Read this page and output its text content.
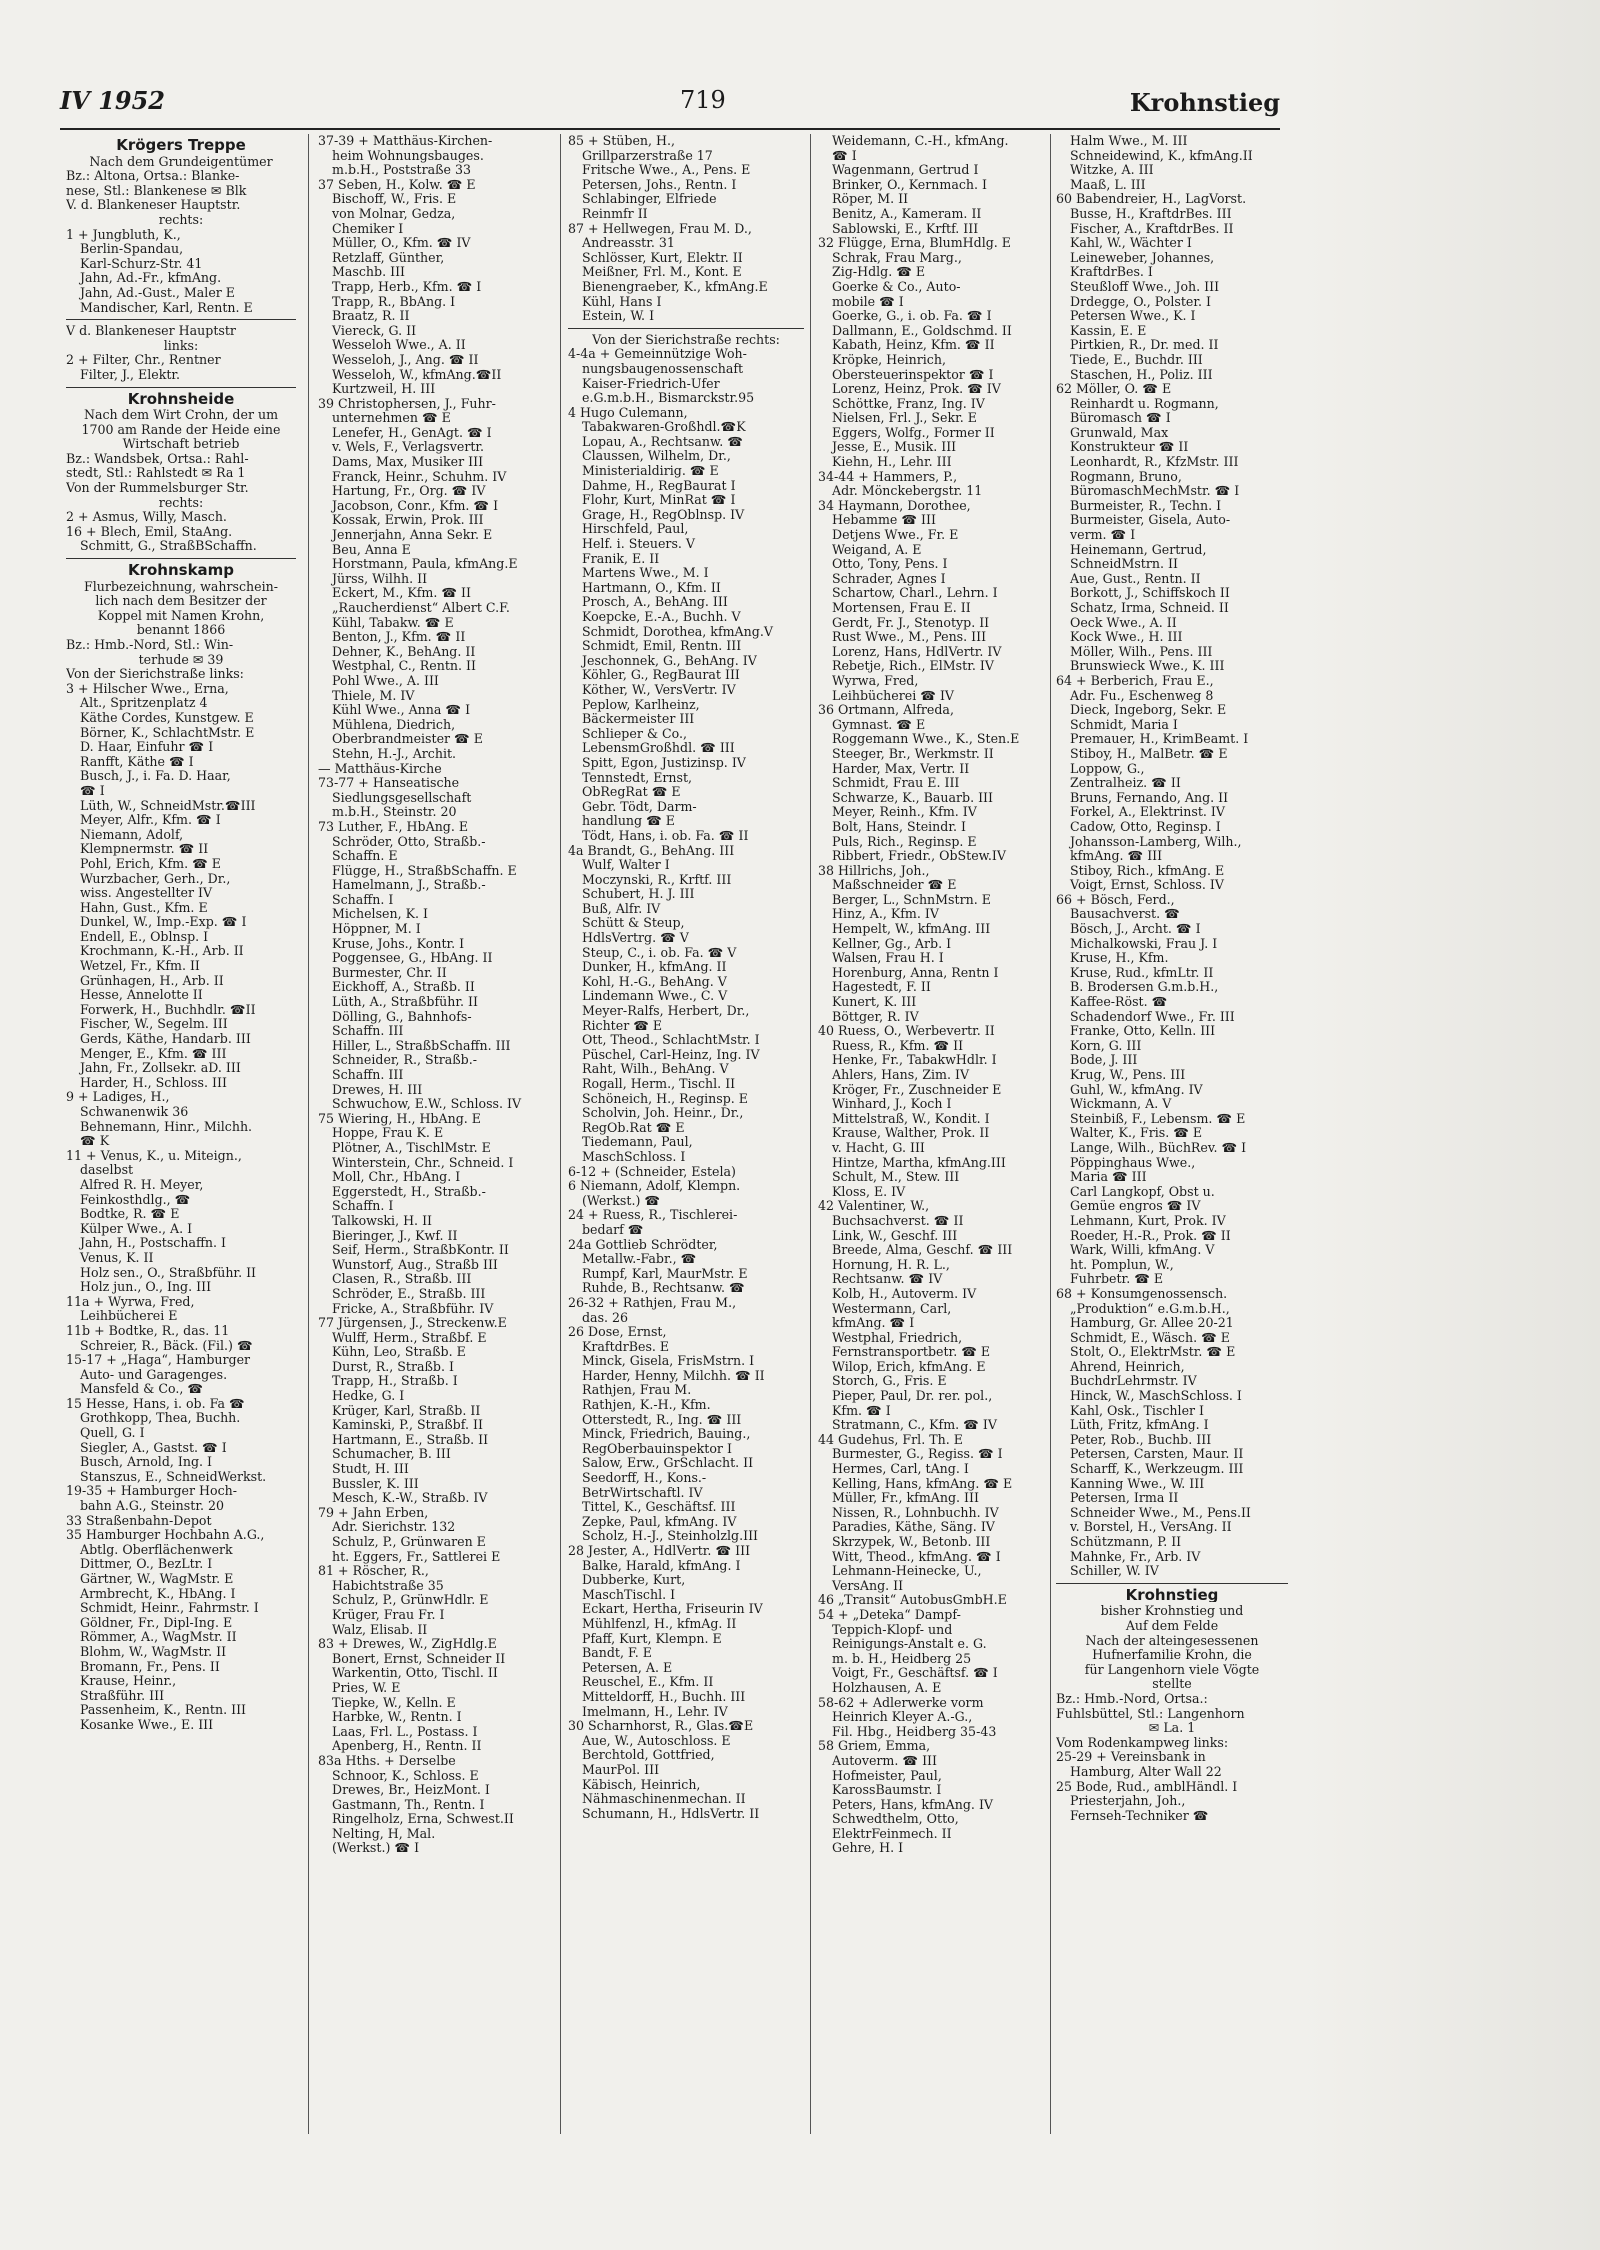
IV 1952	719	Krohnstieg
Krögers Treppe
Nach dem Grundeigentümer
Bz.: Altona, Ortsa.: Blanke-
nese, Stl.: Blankenese ✉ Blk
V. d. Blankeneser Hauptstr.
rechts:
1 + Jungbluth, K.,
Berlin-Spandau,
Karl-Schurz-Str. 41
Jahn, Ad.-Fr., kfmAng.
Jahn, Ad.-Gust., Maler E
Mandischer, Karl, Rentn. E
V d. Blankeneser Hauptstr
links:
2 + Filter, Chr., Rentner
Filter, J., Elektr.
Krohnsheide
Nach dem Wirt Crohn, der um
1700 am Rande der Heide eine
Wirtschaft betrieb
Bz.: Wandsbek, Ortsa.: Rahl-
stedt, Stl.: Rahlstedt ✉ Ra 1
Von der Rummelsburger Str.
rechts:
2 + Asmus, Willy, Masch.
16 + Blech, Emil, StaAng.
Schmitt, G., StraßBSchaffn.
Krohnskamp
Flurbezeichnung, wahrschein-
lich nach dem Besitzer der
Koppel mit Namen Krohn,
benannt 1866
Bz.: Hmb.-Nord, Stl.: Win-
terhude ✉ 39
Von der Sierichstraße links:
3 + Hilscher Wwe., Erna,
Alt., Spritzenplatz 4
Käthe Cordes, Kunstgew. E
Börner, K., SchlachtMstr. E
D. Haar, Einfuhr ☎ I
Ranfft, Käthe ☎ I
Busch, J., i. Fa. D. Haar,
☎ I
Lüth, W., SchneidMstr.☎III
Meyer, Alfr., Kfm. ☎ I
Niemann, Adolf,
Klempnermstr. ☎ II
Pohl, Erich, Kfm. ☎ E
Wurzbacher, Gerh., Dr.,
wiss. Angestellter IV
Hahn, Gust., Kfm. E
Dunkel, W., Imp.-Exp. ☎ I
Endell, E., Oblnsp. I
Krochmann, K.-H., Arb. II
Wetzel, Fr., Kfm. II
Grünhagen, H., Arb. II
Hesse, Annelotte II
Forwerk, H., Buchhdlr. ☎II
Fischer, W., Segelm. III
Gerds, Käthe, Handarb. III
Menger, E., Kfm. ☎ III
Jahn, Fr., Zollsekr. aD. III
Harder, H., Schloss. III
9 + Ladiges, H.,
Schwanenwik 36
Behnemann, Hinr., Milchh.
☎ K
11 + Venus, K., u. Miteign.,
daselbst
Alfred R. H. Meyer,
Feinkosthdlg., ☎
Bodtke, R. ☎ E
Külper Wwe., A. I
Jahn, H., Postschaffn. I
Venus, K. II
Holz sen., O., Straßbführ. II
Holz jun., O., Ing. III
11a + Wyrwa, Fred,
Leihbücherei E
11b + Bodtke, R., das. 11
Schreier, R., Bäck. (Fil.) ☎
15-17 + „Haga“, Hamburger
Auto- und Garagenges.
Mansfeld & Co., ☎
15 Hesse, Hans, i. ob. Fa ☎
Grothkopp, Thea, Buchh.
Quell, G. I
Siegler, A., Gastst. ☎ I
Busch, Arnold, Ing. I
Stanszus, E., SchneidWerkst.
19-35 + Hamburger Hoch-
bahn A.G., Steinstr. 20
33 Straßenbahn-Depot
35 Hamburger Hochbahn A.G.,
Abtlg. Oberflächenwerk
Dittmer, O., BezLtr. I
Gärtner, W., WagMstr. E
Armbrecht, K., HbAng. I
Schmidt, Heinr., Fahrmstr. I
Göldner, Fr., Dipl-Ing. E
Römmer, A., WagMstr. II
Blohm, W., WagMstr. II
Bromann, Fr., Pens. II
Krause, Heinr.,
Straßführ. III
Passenheim, K., Rentn. III
Kosanke Wwe., E. III
37-39 + Matthäus-Kirchen-
heim Wohnungsbauges.
m.b.H., Poststraße 33
37 Seben, H., Kolw. ☎ E
Bischoff, W., Fris. E
von Molnar, Gedza,
Chemiker I
Müller, O., Kfm. ☎ IV
Retzlaff, Günther,
Maschb. III
Trapp, Herb., Kfm. ☎ I
Trapp, R., BbAng. I
Braatz, R. II
Viereck, G. II
Wesseloh Wwe., A. II
Wesseloh, J., Ang. ☎ II
Wesseloh, W., kfmAng.☎II
Kurtzweil, H. III
39 Christophersen, J., Fuhr-
unternehmen ☎ E
Lenefer, H., GenAgt. ☎ I
v. Wels, F., Verlagsvertr.
Dams, Max, Musiker III
Franck, Heinr., Schuhm. IV
Hartung, Fr., Org. ☎ IV
Jacobson, Conr., Kfm. ☎ I
Kossak, Erwin, Prok. III
Jennerjahn, Anna Sekr. E
Beu, Anna E
Horstmann, Paula, kfmAng.E
Jürss, Wilhh. II
Eckert, M., Kfm. ☎ II
„Raucherdienst“ Albert C.F.
Kühl, Tabakw. ☎ E
Benton, J., Kfm. ☎ II
Dehner, K., BehAng. II
Westphal, C., Rentn. II
Pohl Wwe., A. III
Thiele, M. IV
Kühl Wwe., Anna ☎ I
Mühlena, Diedrich,
Oberbrandmeister ☎ E
Stehn, H.-J., Archit.
— Matthäus-Kirche
73-77 + Hanseatische
Siedlungsgesellschaft
m.b.H., Steinstr. 20
73 Luther, F., HbAng. E
Schröder, Otto, Straßb.-
Schaffn. E
Flügge, H., StraßbSchaffn. E
Hamelmann, J., Straßb.-
Schaffn. I
Michelsen, K. I
Höppner, M. I
Kruse, Johs., Kontr. I
Poggensee, G., HbAng. II
Burmester, Chr. II
Eickhoff, A., Straßb. II
Lüth, A., Straßbführ. II
Dölling, G., Bahnhofs-
Schaffn. III
Hiller, L., StraßbSchaffn. III
Schneider, R., Straßb.-
Schaffn. III
Drewes, H. III
Schwuchow, E.W., Schloss. IV
75 Wiering, H., HbAng. E
Hoppe, Frau K. E
Plötner, A., TischlMstr. E
Winterstein, Chr., Schneid. I
Moll, Chr., HbAng. I
Eggerstedt, H., Straßb.-
Schaffn. I
Talkowski, H. II
Bieringer, J., Kwf. II
Seif, Herm., StraßbKontr. II
Wunstorf, Aug., Straßb III
Clasen, R., Straßb. III
Schröder, E., Straßb. III
Fricke, A., Straßbführ. IV
77 Jürgensen, J., Streckenw.E
Wulff, Herm., Straßbf. E
Kühn, Leo, Straßb. E
Durst, R., Straßb. I
Trapp, H., Straßb. I
Hedke, G. I
Krüger, Karl, Straßb. II
Kaminski, P., Straßbf. II
Hartmann, E., Straßb. II
Schumacher, B. III
Studt, H. III
Bussler, K. III
Mesch, K.-W., Straßb. IV
79 + Jahn Erben,
Adr. Sierichstr. 132
Schulz, P., Grünwaren E
ht. Eggers, Fr., Sattlerei E
81 + Röscher, R.,
Habichtstraße 35
Schulz, P., GrünwHdlr. E
Krüger, Frau Fr. I
Walz, Elisab. II
83 + Drewes, W., ZigHdlg.E
Bonert, Ernst, Schneider II
Warkentin, Otto, Tischl. II
Pries, W. E
Tiepke, W., Kelln. E
Harbke, W., Rentn. I
Laas, Frl. L., Postass. I
Apenberg, H., Rentn. II
83a Hths. + Derselbe
Schnoor, K., Schloss. E
Drewes, Br., HeizMont. I
Gastmann, Th., Rentn. I
Ringelholz, Erna, Schwest.II
Nelting, H, Mal.
(Werkst.) ☎ I
85 + Stüben, H.,
Grillparzerstraße 17
Fritsche Wwe., A., Pens. E
Petersen, Johs., Rentn. I
Schlabinger, Elfriede
Reinmfr II
87 + Hellwegen, Frau M. D.,
Andreasstr. 31
Schlösser, Kurt, Elektr. II
Meißner, Frl. M., Kont. E
Bienengraeber, K., kfmAng.E
Kühl, Hans I
Estein, W. I
Von der Sierichstraße rechts:
4-4a + Gemeinnützige Woh-
nungsbaugenossenschaft
Kaiser-Friedrich-Ufer
e.G.m.b.H., Bismarckstr.95
4 Hugo Culemann,
Tabakwaren-Großhdl.☎K
Lopau, A., Rechtsanw. ☎
Claussen, Wilhelm, Dr.,
Ministerialdirig. ☎ E
Dahme, H., RegBaurat I
Flohr, Kurt, MinRat ☎ I
Grage, H., RegOblnsp. IV
Hirschfeld, Paul,
Helf. i. Steuers. V
Franik, E. II
Martens Wwe., M. I
Hartmann, O., Kfm. II
Prosch, A., BehAng. III
Koepcke, E.-A., Buchh. V
Schmidt, Dorothea, kfmAng.V
Schmidt, Emil, Rentn. III
Jeschonnek, G., BehAng. IV
Köhler, G., RegBaurat III
Köther, W., VersVertr. IV
Peplow, Karlheinz,
Bäckermeister III
Schlieper & Co.,
LebensmGroßhdl. ☎ III
Spitt, Egon, Justizinsp. IV
Tennstedt, Ernst,
ObRegRat ☎ E
Gebr. Tödt, Darm-
handlung ☎ E
Tödt, Hans, i. ob. Fa. ☎ II
4a Brandt, G., BehAng. III
Wulf, Walter I
Moczynski, R., Krftf. III
Schubert, H. J. III
Buß, Alfr. IV
Schütt & Steup,
HdlsVertrg. ☎ V
Steup, C., i. ob. Fa. ☎ V
Dunker, H., kfmAng. II
Kohl, H.-G., BehAng. V
Lindemann Wwe., C. V
Meyer-Ralfs, Herbert, Dr.,
Richter ☎ E
Ott, Theod., SchlachtMstr. I
Püschel, Carl-Heinz, Ing. IV
Raht, Wilh., BehAng. V
Rogall, Herm., Tischl. II
Schöneich, H., Reginsp. E
Scholvin, Joh. Heinr., Dr.,
RegOb.Rat ☎ E
Tiedemann, Paul,
MaschSchloss. I
6-12 + (Schneider, Estela)
6 Niemann, Adolf, Klempn.
(Werkst.) ☎
24 + Ruess, R., Tischlerei-
bedarf ☎
24a Gottlieb Schrödter,
Metallw.-Fabr., ☎
Rumpf, Karl, MaurMstr. E
Ruhde, B., Rechtsanw. ☎
26-32 + Rathjen, Frau M.,
das. 26
26 Dose, Ernst,
KraftdrBes. E
Minck, Gisela, FrisMstrn. I
Harder, Henny, Milchh. ☎ II
Rathjen, Frau M.
Rathjen, K.-H., Kfm.
Otterstedt, R., Ing. ☎ III
Minck, Friedrich, Bauing.,
RegOberbauinspektor I
Salow, Erw., GrSchlacht. II
Seedorff, H., Kons.-
BetrWirtschaftl. IV
Tittel, K., Geschäftsf. III
Zepke, Paul, kfmAng. IV
Scholz, H.-J., Steinholzlg.III
28 Jester, A., HdlVertr. ☎ III
Balke, Harald, kfmAng. I
Dubberke, Kurt,
MaschTischl. I
Eckart, Hertha, Friseurin IV
Mühlfenzl, H., kfmAg. II
Pfaff, Kurt, Klempn. E
Bandt, F. E
Petersen, A. E
Reuschel, E., Kfm. II
Mitteldorff, H., Buchh. III
Imelmann, H., Lehr. IV
30 Scharnhorst, R., Glas.☎E
Aue, W., Autoschloss. E
Berchtold, Gottfried,
MaurPol. III
Käbisch, Heinrich,
Nähmaschinenmechan. II
Schumann, H., HdlsVertr. II
Weidemann, C.-H., kfmAng.
☎ I
Wagenmann, Gertrud I
Brinker, O., Kernmach. I
Röper, M. II
Benitz, A., Kameram. II
Sablowski, E., Krftf. III
32 Flügge, Erna, BlumHdlg. E
Schrak, Frau Marg.,
Zig-Hdlg. ☎ E
Goerke & Co., Auto-
mobile ☎ I
Goerke, G., i. ob. Fa. ☎ I
Dallmann, E., Goldschmd. II
Kabath, Heinz, Kfm. ☎ II
Kröpke, Heinrich,
Obersteuerinspektor ☎ I
Lorenz, Heinz, Prok. ☎ IV
Schöttke, Franz, Ing. IV
Nielsen, Frl. J., Sekr. E
Eggers, Wolfg., Former II
Jesse, E., Musik. III
Kiehn, H., Lehr. III
34-44 + Hammers, P.,
Adr. Mönckebergstr. 11
34 Haymann, Dorothee,
Hebamme ☎ III
Detjens Wwe., Fr. E
Weigand, A. E
Otto, Tony, Pens. I
Schrader, Agnes I
Schartow, Charl., Lehrn. I
Mortensen, Frau E. II
Gerdt, Fr. J., Stenotyp. II
Rust Wwe., M., Pens. III
Lorenz, Hans, HdlVertr. IV
Rebetje, Rich., ElMstr. IV
Wyrwa, Fred,
Leihbücherei ☎ IV
36 Ortmann, Alfreda,
Gymnast. ☎ E
Roggemann Wwe., K., Sten.E
Steeger, Br., Werkmstr. II
Harder, Max, Vertr. II
Schmidt, Frau E. III
Schwarze, K., Bauarb. III
Meyer, Reinh., Kfm. IV
Bolt, Hans, Steindr. I
Puls, Rich., Reginsp. E
Ribbert, Friedr., ObStew.IV
38 Hillrichs, Joh.,
Maßschneider ☎ E
Berger, L., SchnMstrn. E
Hinz, A., Kfm. IV
Hempelt, W., kfmAng. III
Kellner, Gg., Arb. I
Walsen, Frau H. I
Horenburg, Anna, Rentn I
Hagestedt, F. II
Kunert, K. III
Böttger, R. IV
40 Ruess, O., Werbevertr. II
Ruess, R., Kfm. ☎ II
Henke, Fr., TabakwHdlr. I
Ahlers, Hans, Zim. IV
Kröger, Fr., Zuschneider E
Winhard, J., Koch I
Mittelstraß, W., Kondit. I
Krause, Walther, Prok. II
v. Hacht, G. III
Hintze, Martha, kfmAng.III
Schult, M., Stew. III
Kloss, E. IV
42 Valentiner, W.,
Buchsachverst. ☎ II
Link, W., Geschf. III
Breede, Alma, Geschf. ☎ III
Hornung, H. R. L.,
Rechtsanw. ☎ IV
Kolb, H., Autoverm. IV
Westermann, Carl,
kfmAng. ☎ I
Westphal, Friedrich,
Fernstransportbetr. ☎ E
Wilop, Erich, kfmAng. E
Storch, G., Fris. E
Pieper, Paul, Dr. rer. pol.,
Kfm. ☎ I
Stratmann, C., Kfm. ☎ IV
44 Gudehus, Frl. Th. E
Burmester, G., Regiss. ☎ I
Hermes, Carl, tAng. I
Kelling, Hans, kfmAng. ☎ E
Müller, Fr., kfmAng. III
Nissen, R., Lohnbuchh. IV
Paradies, Käthe, Säng. IV
Skrzypek, W., Betonb. III
Witt, Theod., kfmAng. ☎ I
Lehmann-Heinecke, U.,
VersAng. II
46 „Transit“ AutobusGmbH.E
54 + „Deteka“ Dampf-
Teppich-Klopf- und
Reinigungs-Anstalt e. G.
m. b. H., Heidberg 25
Voigt, Fr., Geschäftsf. ☎ I
Holzhausen, A. E
58-62 + Adlerwerke vorm
Heinrich Kleyer A.-G.,
Fil. Hbg., Heidberg 35-43
58 Griem, Emma,
Autoverm. ☎ III
Hofmeister, Paul,
KarossBaumstr. I
Peters, Hans, kfmAng. IV
Schwedthelm, Otto,
ElektrFeinmech. II
Gehre, H. I
Halm Wwe., M. III
Schneidewind, K., kfmAng.II
Witzke, A. III
Maaß, L. III
60 Babendreier, H., LagVorst.
Busse, H., KraftdrBes. III
Fischer, A., KraftdrBes. II
Kahl, W., Wächter I
Leineweber, Johannes,
KraftdrBes. I
Steußloff Wwe., Joh. III
Drdegge, O., Polster. I
Petersen Wwe., K. I
Kassin, E. E
Pirtkien, R., Dr. med. II
Tiede, E., Buchdr. III
Staschen, H., Poliz. III
62 Möller, O. ☎ E
Reinhardt u. Rogmann,
Büromasch ☎ I
Grunwald, Max
Konstrukteur ☎ II
Leonhardt, R., KfzMstr. III
Rogmann, Bruno,
BüromaschMechMstr. ☎ I
Burmeister, R., Techn. I
Burmeister, Gisela, Auto-
verm. ☎ I
Heinemann, Gertrud,
SchneidMstrn. II
Aue, Gust., Rentn. II
Borkott, J., Schiffskoch II
Schatz, Irma, Schneid. II
Oeck Wwe., A. II
Kock Wwe., H. III
Möller, Wilh., Pens. III
Brunswieck Wwe., K. III
64 + Berberich, Frau E.,
Adr. Fu., Eschenweg 8
Dieck, Ingeborg, Sekr. E
Schmidt, Maria I
Premauer, H., KrimBeamt. I
Stiboy, H., MalBetr. ☎ E
Loppow, G.,
Zentralheiz. ☎ II
Bruns, Fernando, Ang. II
Forkel, A., Elektrinst. IV
Cadow, Otto, Reginsp. I
Johansson-Lamberg, Wilh.,
kfmAng. ☎ III
Stiboy, Rich., kfmAng. E
Voigt, Ernst, Schloss. IV
66 + Bösch, Ferd.,
Bausachverst. ☎
Bösch, J., Archt. ☎ I
Michalkowski, Frau J. I
Kruse, H., Kfm.
Kruse, Rud., kfmLtr. II
B. Brodersen G.m.b.H.,
Kaffee-Röst. ☎
Schadendorf Wwe., Fr. III
Franke, Otto, Kelln. III
Korn, G. III
Bode, J. III
Krug, W., Pens. III
Guhl, W., kfmAng. IV
Wickmann, A. V
Steinbiß, F., Lebensm. ☎ E
Walter, K., Fris. ☎ E
Lange, Wilh., BüchRev. ☎ I
Pöppinghaus Wwe.,
Maria ☎ III
Carl Langkopf, Obst u.
Gemüe engros ☎ IV
Lehmann, Kurt, Prok. IV
Roeder, H.-R., Prok. ☎ II
Wark, Willi, kfmAng. V
ht. Pomplun, W.,
Fuhrbetr. ☎ E
68 + Konsumgenossensch.
„Produktion“ e.G.m.b.H.,
Hamburg, Gr. Allee 20-21
Schmidt, E., Wäsch. ☎ E
Stolt, O., ElektrMstr. ☎ E
Ahrend, Heinrich,
BuchdrLehrmstr. IV
Hinck, W., MaschSchloss. I
Kahl, Osk., Tischler I
Lüth, Fritz, kfmAng. I
Peter, Rob., Buchb. III
Petersen, Carsten, Maur. II
Scharff, K., Werkzeugm. III
Kanning Wwe., W. III
Petersen, Irma II
Schneider Wwe., M., Pens.II
v. Borstel, H., VersAng. II
Schützmann, P. II
Mahnke, Fr., Arb. IV
Schiller, W. IV
Krohnstieg
bisher Krohnstieg und
Auf dem Felde
Nach der alteingesessenen
Hufnerfamilie Krohn, die
für Langenhorn viele Vögte
stellte
Bz.: Hmb.-Nord, Ortsa.:
Fuhlsbüttel, Stl.: Langenhorn
✉ La. 1
Vom Rodenkampweg links:
25-29 + Vereinsbank in
Hamburg, Alter Wall 22
25 Bode, Rud., amblHändl. I
Priesterjahn, Joh.,
Fernseh-Techniker ☎
